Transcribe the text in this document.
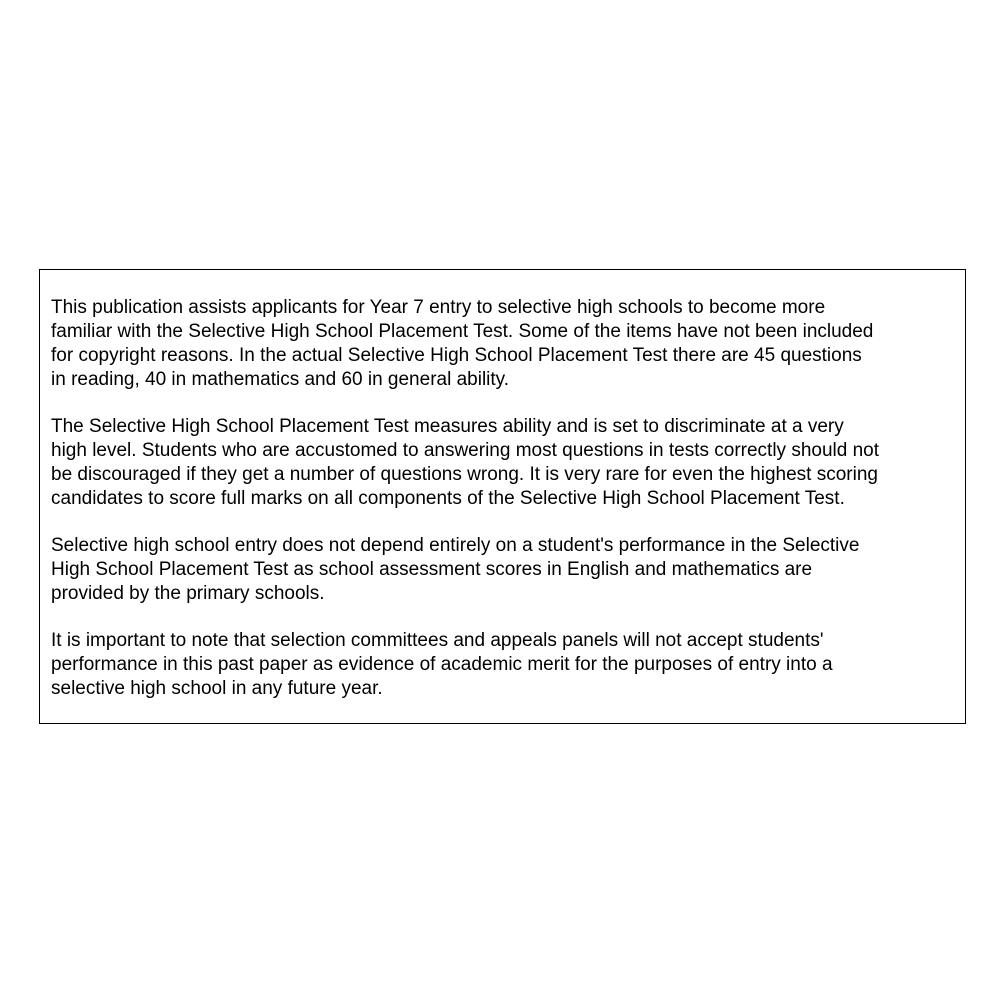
This publication assists applicants for Year 7 entry to selective high schools to become more
familiar with the Selective High School Placement Test. Some of the items have not been included
for copyright reasons. In the actual Selective High School Placement Test there are 45 questions
in reading, 40 in mathematics and 60 in general ability.

The Selective High School Placement Test measures ability and is set to discriminate at a very
high level. Students who are accustomed to answering most questions in tests correctly should not
be discouraged if they get a number of questions wrong. It is very rare for even the highest scoring
candidates to score full marks on all components of the Selective High School Placement Test.

Selective high school entry does not depend entirely on a student's performance in the Selective
High School Placement Test as school assessment scores in English and mathematics are
provided by the primary schools.

It is important to note that selection committees and appeals panels will not accept students'
performance in this past paper as evidence of academic merit for the purposes of entry into a
selective high school in any future year.
